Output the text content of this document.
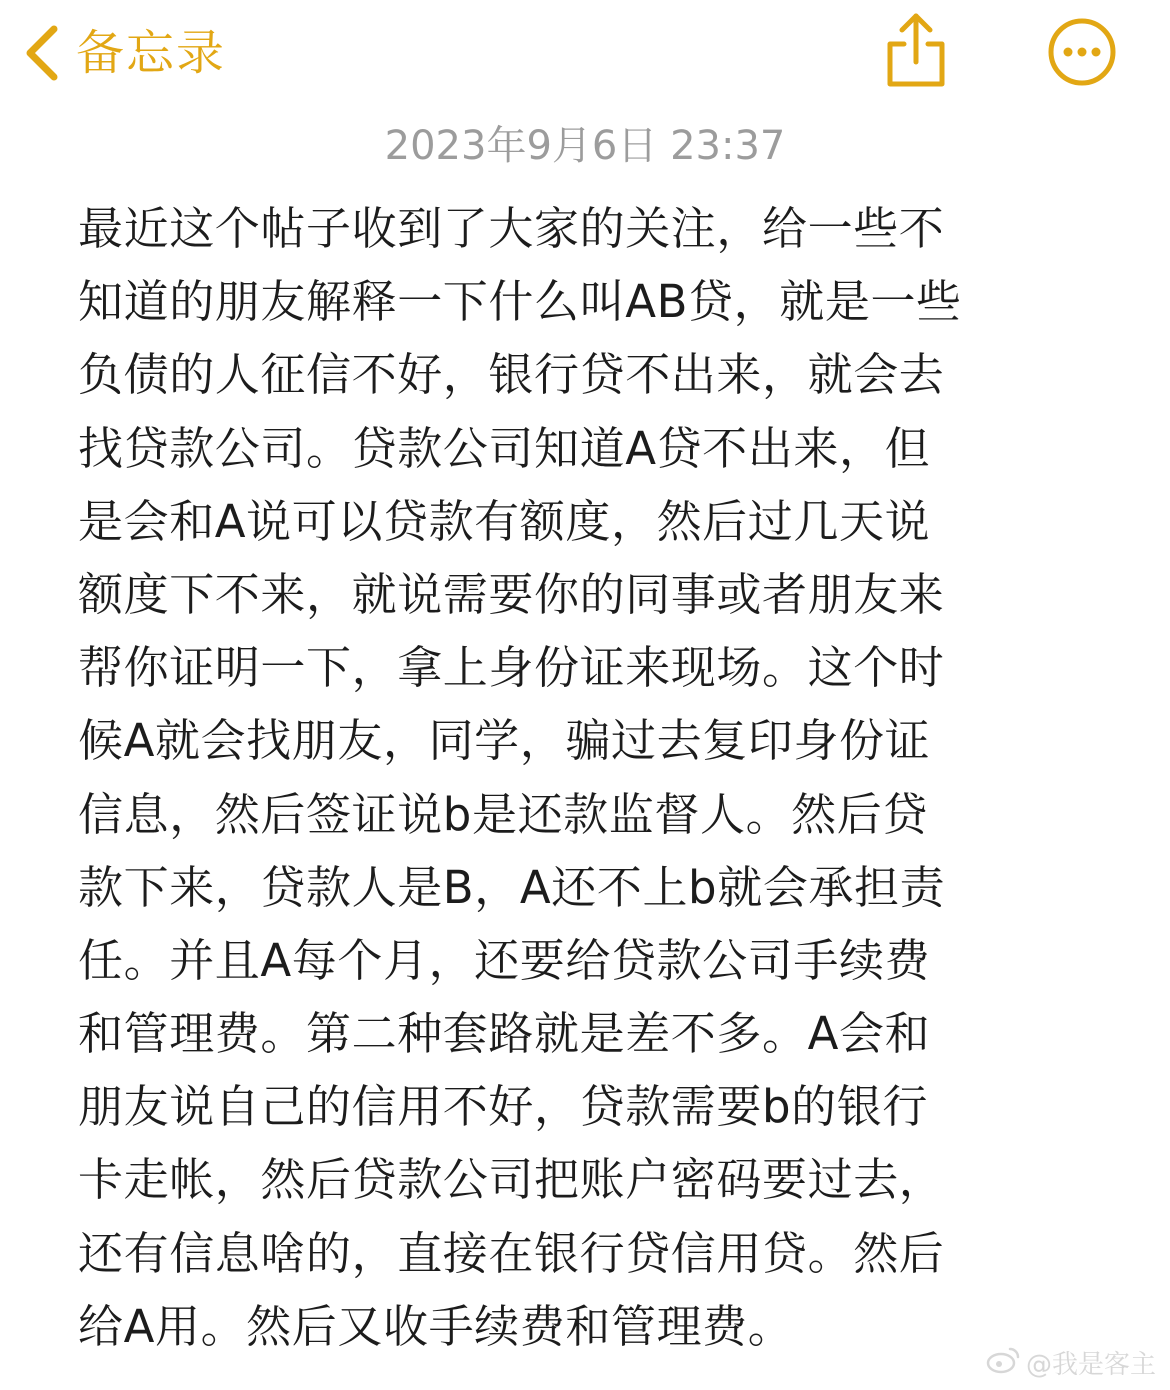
备忘录
2023年9月6日 23:37
最近这个帖子收到了大家的关注，给一些不
知道的朋友解释一下什么叫AB贷，就是一些
负债的人征信不好，银行贷不出来，就会去
找贷款公司。贷款公司知道A贷不出来，但
是会和A说可以贷款有额度，然后过几天说
额度下不来，就说需要你的同事或者朋友来
帮你证明一下，拿上身份证来现场。这个时
候A就会找朋友，同学，骗过去复印身份证
信息，然后签证说b是还款监督人。然后贷
款下来，贷款人是B，A还不上b就会承担责
任。并且A每个月，还要给贷款公司手续费
和管理费。第二种套路就是差不多。A会和
朋友说自己的信用不好，贷款需要b的银行
卡走帐，然后贷款公司把账户密码要过去，
还有信息啥的，直接在银行贷信用贷。然后
给A用。然后又收手续费和管理费。
@我是客主
